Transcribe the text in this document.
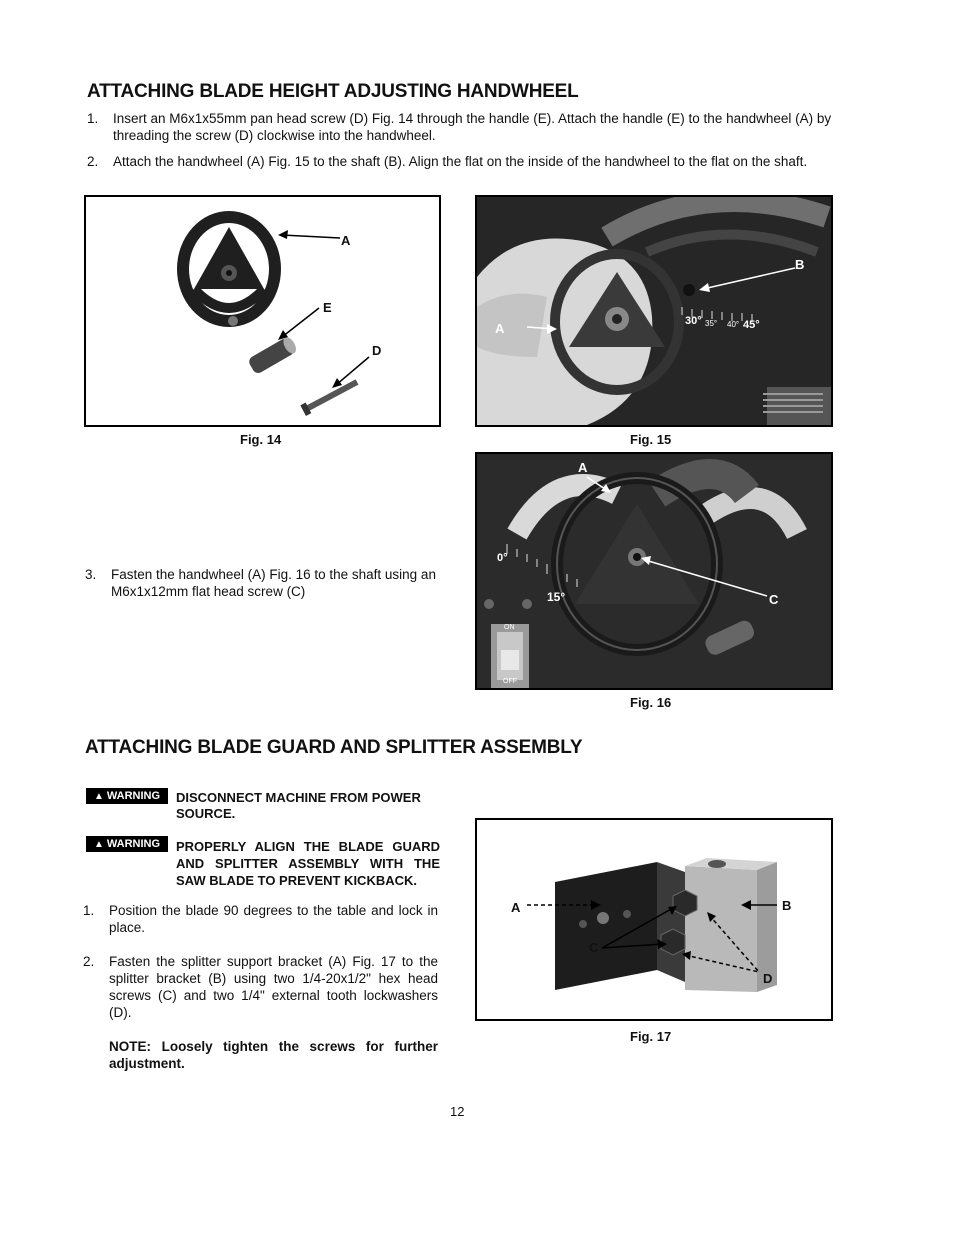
ATTACHING BLADE HEIGHT ADJUSTING HANDWHEEL
1. Insert an M6x1x55mm pan head screw (D) Fig. 14 through the handle (E). Attach the handle (E) to the handwheel (A) by threading the screw (D) clockwise into the handwheel.
2. Attach the handwheel (A) Fig. 15 to the shaft (B). Align the flat on the inside of the handwheel to the flat on the shaft.
A
E
D
Fig. 14
A
B
30° 35° 40° 45°
Fig. 15
3. Fasten the handwheel (A) Fig. 16 to the shaft using an M6x1x12mm flat head screw (C)
A
C
0°
15°
ON
OFF
Fig. 16
ATTACHING BLADE GUARD AND SPLITTER ASSEMBLY
▲ WARNING DISCONNECT MACHINE FROM POWER SOURCE.
▲ WARNING PROPERLY ALIGN THE BLADE GUARD AND SPLITTER ASSEMBLY WITH THE SAW BLADE TO PREVENT KICKBACK.
1. Position the blade 90 degrees to the table and lock in place.
2. Fasten the splitter support bracket (A) Fig. 17 to the splitter bracket (B) using two 1/4-20x1/2" hex head screws (C) and two 1/4" external tooth lockwashers (D).
NOTE: Loosely tighten the screws for further adjustment.
A	B
C
D
Fig. 17
12
